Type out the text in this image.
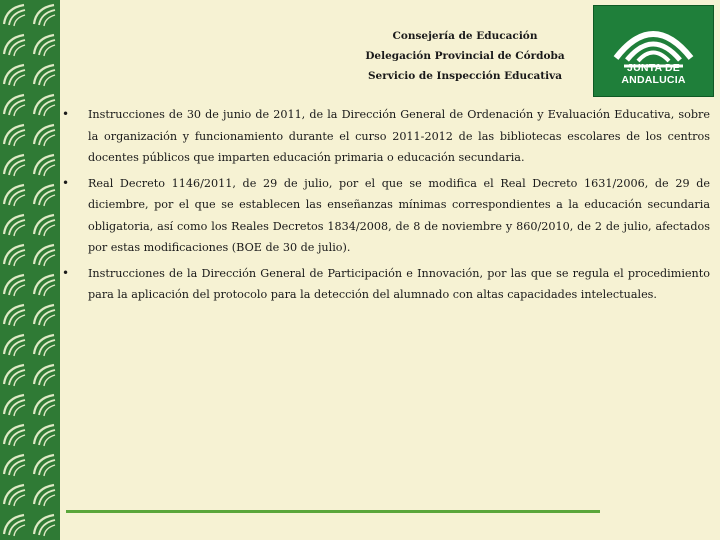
Consejería de Educación
Delegación Provincial de Córdoba
Servicio de Inspección Educativa
JUNTA DE ANDALUCIA
•	Instrucciones de 30 de junio de 2011, de la Dirección General de Ordenación y Evaluación Educativa, sobre la organización y funcionamiento durante el curso 2011-2012 de las bibliotecas escolares de los centros docentes públicos que imparten educación primaria o educación secundaria.
•	Real Decreto 1146/2011, de 29 de julio, por el que se modifica el Real Decreto 1631/2006, de 29 de diciembre, por el que se establecen las enseñanzas mínimas correspondientes a la educación secundaria obligatoria, así como los Reales Decretos 1834/2008, de 8 de noviembre y 860/2010, de 2 de julio, afectados por estas modificaciones (BOE de 30 de julio).
•	Instrucciones de la Dirección General de Participación e Innovación, por las que se regula el procedimiento para la aplicación del protocolo para la detección del alumnado con altas capacidades intelectuales.
